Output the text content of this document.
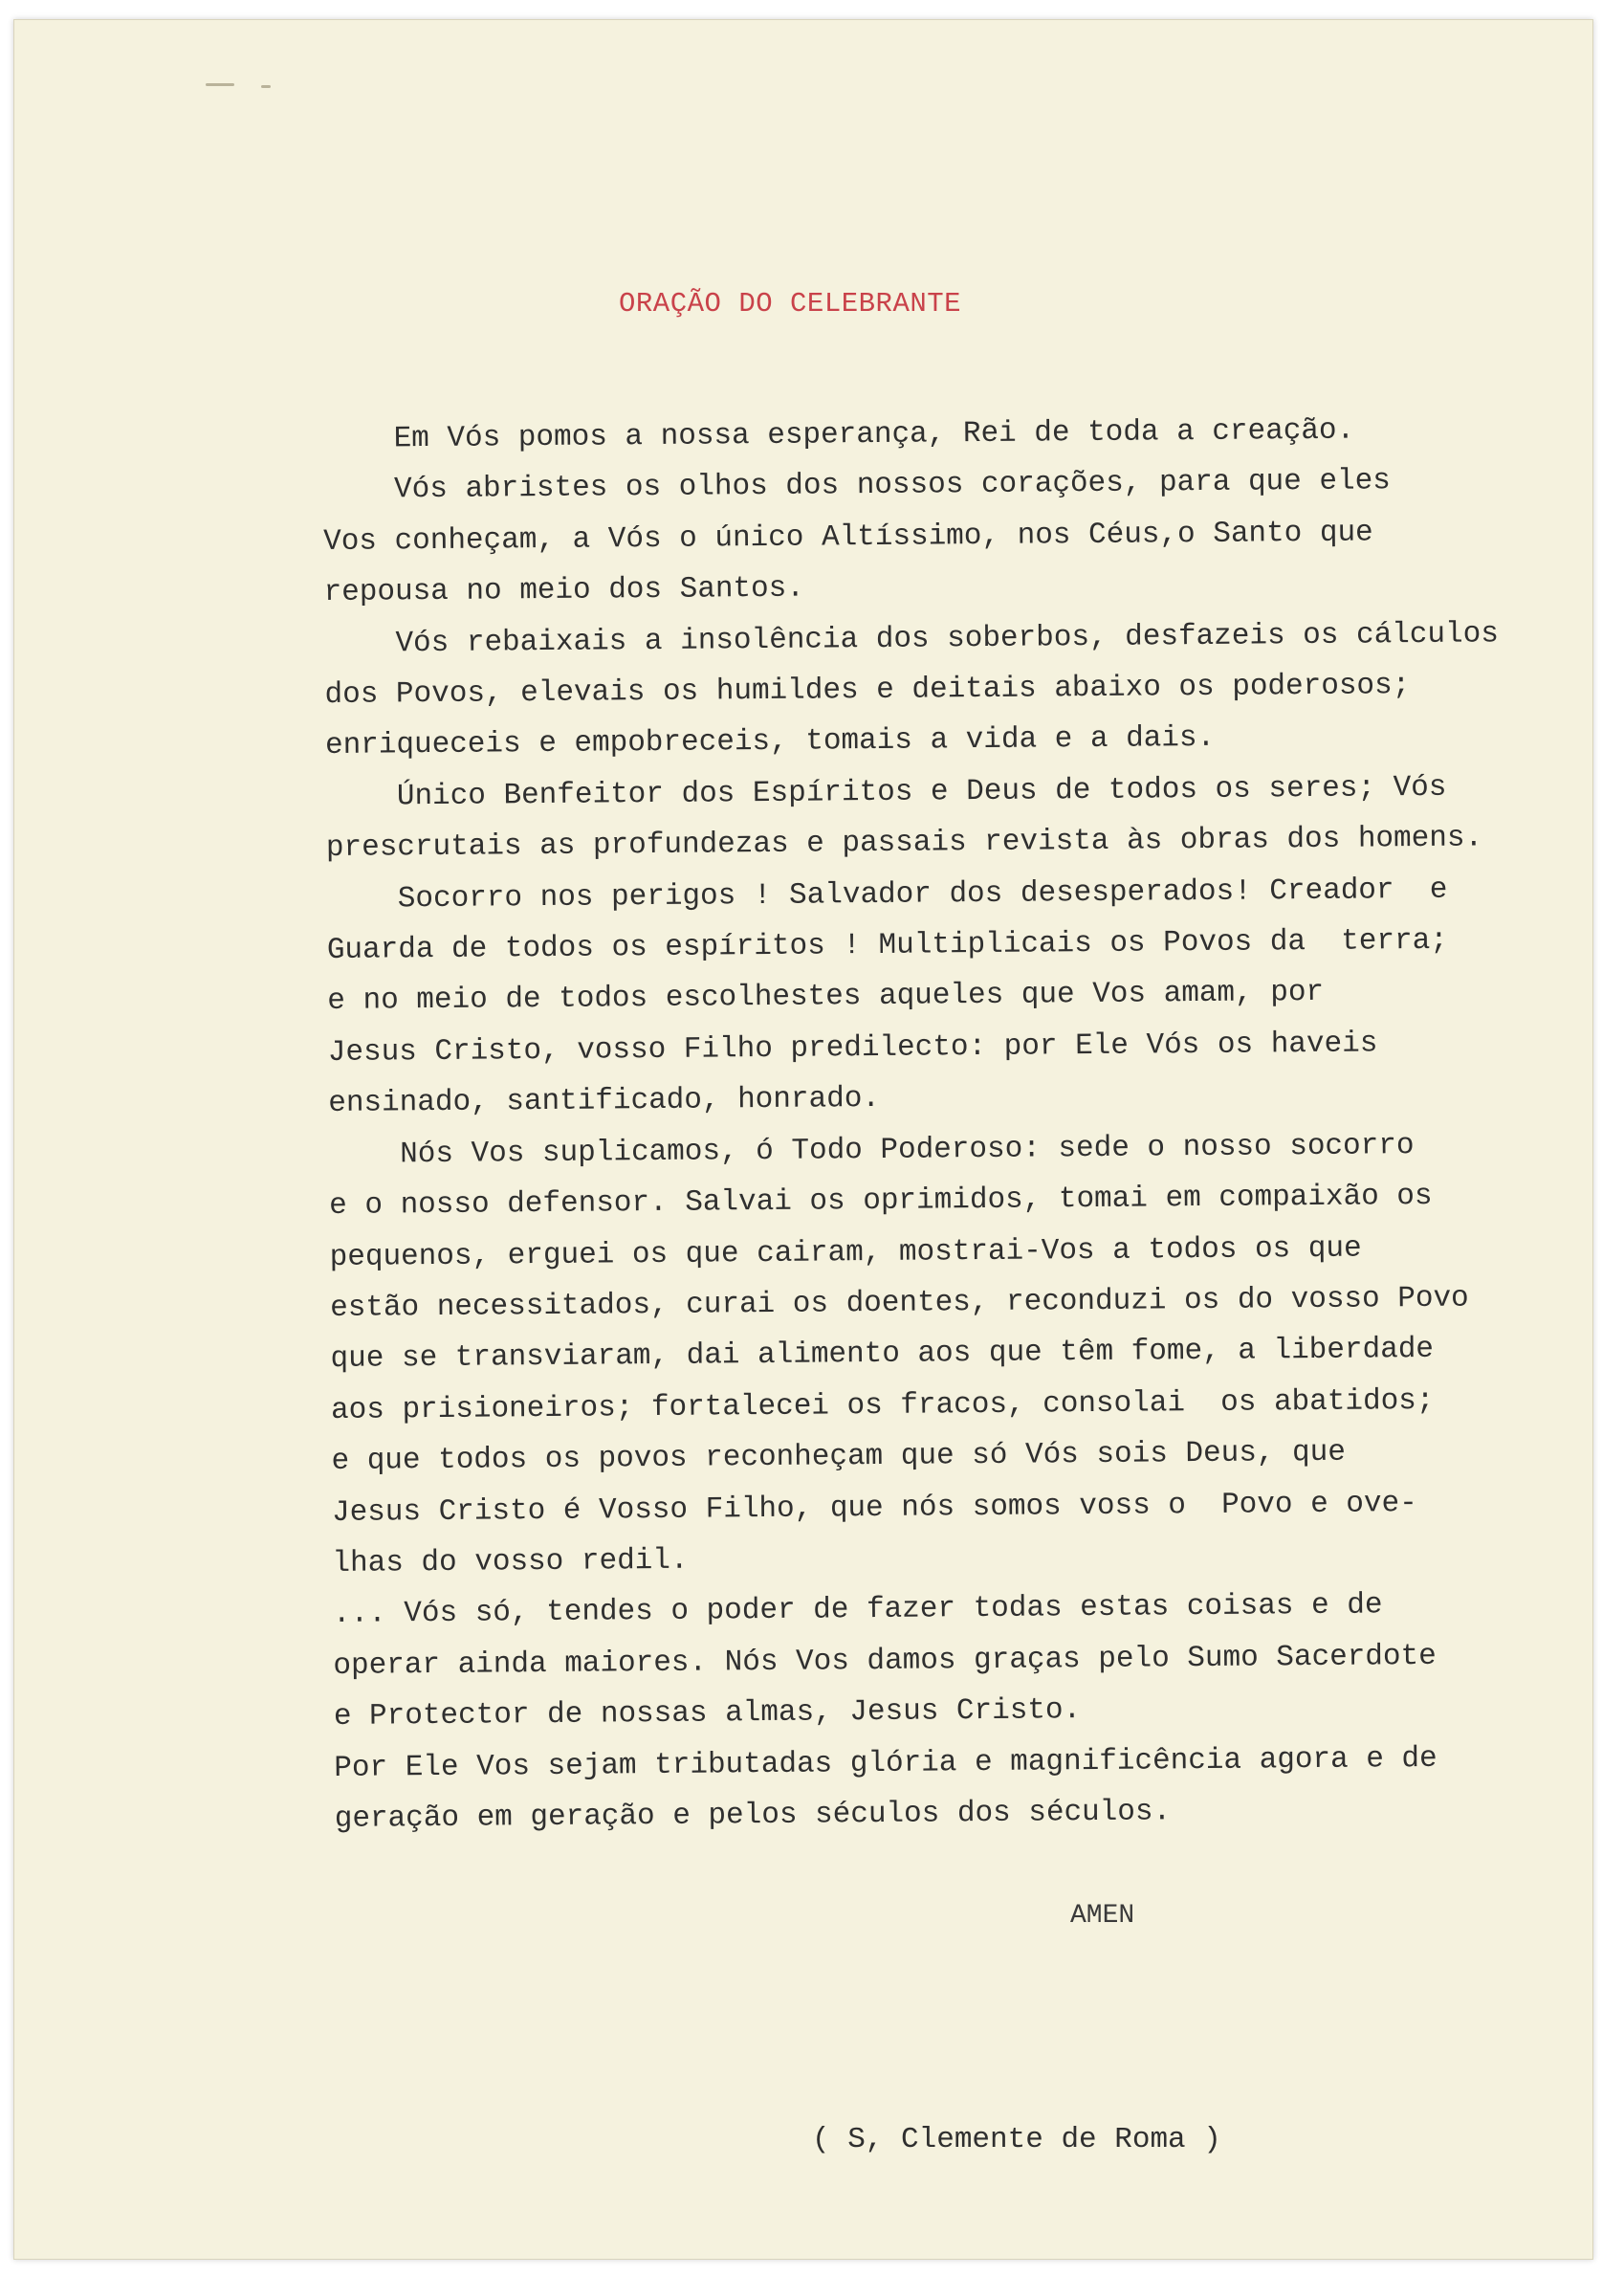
ORAÇÃO DO CELEBRANTE
Em Vós pomos a nossa esperança, Rei de toda a creação.
Vós abristes os olhos dos nossos corações, para que eles
Vos conheçam, a Vós o único Altíssimo, nos Céus,o Santo que
repousa no meio dos Santos.
Vós rebaixais a insolência dos soberbos, desfazeis os cálculos
dos Povos, elevais os humildes e deitais abaixo os poderosos;
enriqueceis e empobreceis, tomais a vida e a dais.
Único Benfeitor dos Espíritos e Deus de todos os seres; Vós
prescrutais as profundezas e passais revista às obras dos homens.
Socorro nos perigos ! Salvador dos desesperados! Creador  e
Guarda de todos os espíritos ! Multiplicais os Povos da  terra;
e no meio de todos escolhestes aqueles que Vos amam, por
Jesus Cristo, vosso Filho predilecto: por Ele Vós os haveis
ensinado, santificado, honrado.
Nós Vos suplicamos, ó Todo Poderoso: sede o nosso socorro
e o nosso defensor. Salvai os oprimidos, tomai em compaixão os
pequenos, erguei os que cairam, mostrai-Vos a todos os que
estão necessitados, curai os doentes, reconduzi os do vosso Povo
que se transviaram, dai alimento aos que têm fome, a liberdade
aos prisioneiros; fortalecei os fracos, consolai  os abatidos;
e que todos os povos reconheçam que só Vós sois Deus, que
Jesus Cristo é Vosso Filho, que nós somos voss o  Povo e ove-
lhas do vosso redil.
... Vós só, tendes o poder de fazer todas estas coisas e de
operar ainda maiores. Nós Vos damos graças pelo Sumo Sacerdote
e Protector de nossas almas, Jesus Cristo.
Por Ele Vos sejam tributadas glória e magnificência agora e de
geração em geração e pelos séculos dos séculos.
AMEN
( S, Clemente de Roma )
